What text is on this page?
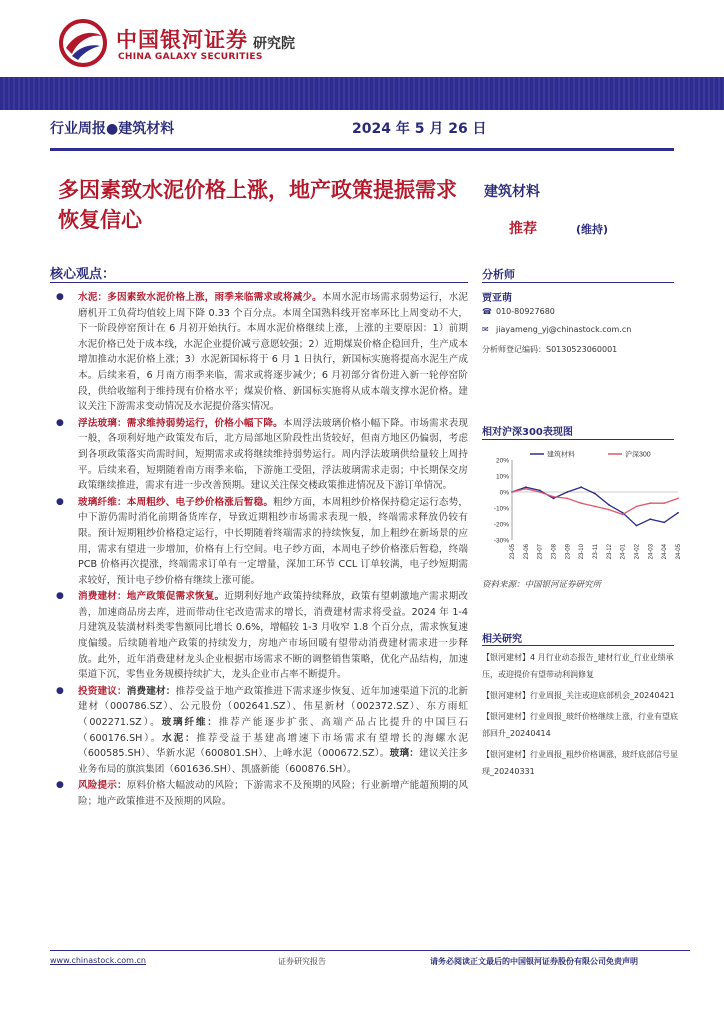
中国银河证券
CHINA GALAXY SECURITIES
研究院
行业周报●建筑材料	2024 年 5 月 26 日
多因素致水泥价格上涨，地产政策提振需求恢复信心
建筑材料
推荐	(维持)
核心观点：
● 水泥：多因素致水泥价格上涨，雨季来临需求或将减少。本周水泥市场需求弱势运行，水泥磨机开工负荷均值较上周下降 0.33 个百分点。本周全国熟料线开窑率环比上周变动不大，下一阶段停窑预计在 6 月初开始执行。本周水泥价格继续上涨，上涨的主要原因：1）前期水泥价格已处于成本线，水泥企业提价减亏意愿较强；2）近期煤炭价格企稳回升，生产成本增加推动水泥价格上涨；3）水泥新国标将于 6 月 1 日执行，新国标实施将提高水泥生产成本。后续来看，6 月南方雨季来临，需求或将逐步减少；6 月初部分省份进入新一轮停窑阶段，供给收缩利于维持现有价格水平；煤炭价格、新国标实施将从成本端支撑水泥价格。建议关注下游需求变动情况及水泥提价落实情况。
● 浮法玻璃：需求维持弱势运行，价格小幅下降。本周浮法玻璃价格小幅下降。市场需求表现一般，各项利好地产政策发布后，北方局部地区阶段性出货较好，但南方地区仍偏弱，考虑到各项政策落实尚需时间，短期需求或将继续维持弱势运行。周内浮法玻璃供给量较上周持平。后续来看，短期随着南方雨季来临，下游施工受阻，浮法玻璃需求走弱；中长期保交房政策继续推进，需求有进一步改善预期。建议关注保交楼政策推进情况及下游订单情况。
● 玻璃纤维：本周粗纱、电子纱价格涨后暂稳。粗纱方面，本周粗纱价格保持稳定运行态势，中下游仍需时消化前期备货库存，导致近期粗纱市场需求表现一般，终端需求释放仍较有限。预计短期粗纱价格稳定运行，中长期随着终端需求的持续恢复，加上粗纱在新场景的应用，需求有望进一步增加，价格有上行空间。电子纱方面，本周电子纱价格涨后暂稳，终端 PCB 价格再次提涨，终端需求订单有一定增量，深加工环节 CCL 订单较满，电子纱短期需求较好，预计电子纱价格有继续上涨可能。
● 消费建材：地产政策促需求恢复。近期利好地产政策持续释放，政策有望刺激地产需求期改善，加速商品房去库，进而带动住宅改造需求的增长，消费建材需求将受益。2024 年 1-4 月建筑及装潢材料类零售额同比增长 0.6%，增幅较 1-3 月收窄 1.8 个百分点，需求恢复速度偏缓。后续随着地产政策的持续发力，房地产市场回暖有望带动消费建材需求进一步释放。此外，近年消费建材龙头企业根据市场需求不断的调整销售策略，优化产品结构，加速渠道下沉，零售业务规模持续扩大，龙头企业市占率不断提升。
● 投资建议：消费建材：推荐受益于地产政策推进下需求逐步恢复、近年加速渠道下沉的北新建材（000786.SZ）、公元股份（002641.SZ）、伟星新材（002372.SZ）、东方雨虹（002271.SZ）。玻璃纤维：推荐产能逐步扩张、高端产品占比提升的中国巨石（600176.SH）。水泥：推荐受益于基建高增速下市场需求有望增长的海螺水泥（600585.SH）、华新水泥（600801.SH）、上峰水泥（000672.SZ）。玻璃：建议关注多业务布局的旗滨集团（601636.SH）、凯盛新能（600876.SH）。
● 风险提示：原料价格大幅波动的风险；下游需求不及预期的风险；行业新增产能超预期的风险；地产政策推进不及预期的风险。
分析师
贾亚萌
☎ 010-80927680
✉ jiayameng_yj@chinastock.com.cn
分析师登记编码：S0130523060001
相对沪深300表现图
20%
10%
0%
-10%
-20%
-30%
23-05 23-06 23-07 23-08 23-09 23-10 23-11 23-12 24-01 24-02 24-03 24-04 24-05
建筑材料	沪深300
资料来源：中国银河证券研究所
相关研究
【银河建材】4 月行业动态报告_建材行业_行业业绩承压，或迎提价有望带动利润修复
【银河建材】行业周报_关注或迎底部机会_20240421
【银河建材】行业周报_玻纤价格继续上涨，行业有望底部回升_20240414
【银河建材】行业周报_粗纱价格调涨，玻纤底部信号显现_20240331
www.chinastock.com.cn	证券研究报告	请务必阅读正文最后的中国银河证券股份有限公司免责声明
